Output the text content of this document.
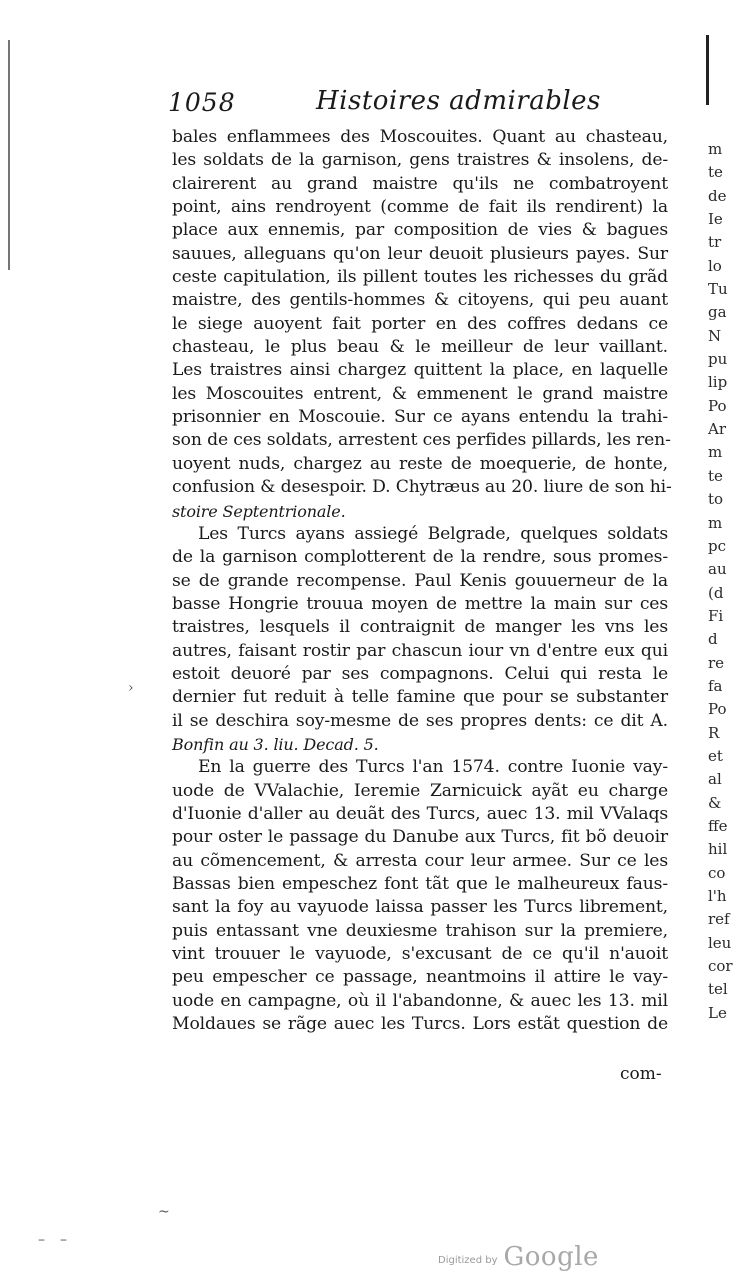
1058	Histoires admirables
bales enflammees des Moscouites. Quant au chasteau,
les soldats de la garnison, gens traistres & insolens, de-
clairerent au grand maistre qu'ils ne combatroyent
point, ains rendroyent (comme de fait ils rendirent) la
place aux ennemis, par composition de vies & bagues
sauues, alleguans qu'on leur deuoit plusieurs payes. Sur
ceste capitulation, ils pillent toutes les richesses du grãd
maistre, des gentils-hommes & citoyens, qui peu auant
le siege auoyent fait porter en des coffres dedans ce
chasteau, le plus beau & le meilleur de leur vaillant.
Les traistres ainsi chargez quittent la place, en laquelle
les Moscouites entrent, & emmenent le grand maistre
prisonnier en Moscouie. Sur ce ayans entendu la trahi-
son de ces soldats, arrestent ces perfides pillards, les ren-
uoyent nuds, chargez au reste de moequerie, de honte,
confusion & desespoir. D. Chytræus au 20. liure de son hi-
stoire Septentrionale.
Les Turcs ayans assiegé Belgrade, quelques soldats
de la garnison complotterent de la rendre, sous promes-
se de grande recompense. Paul Kenis gouuerneur de la
basse Hongrie trouua moyen de mettre la main sur ces
traistres, lesquels il contraignit de manger les vns les
autres, faisant rostir par chascun iour vn d'entre eux qui
estoit deuoré par ses compagnons. Celui qui resta le
dernier fut reduit à telle famine que pour se substanter
il se deschira soy-mesme de ses propres dents: ce dit A.
Bonfin au 3. liu. Decad. 5.
En la guerre des Turcs l'an 1574. contre Iuonie vay-
uode de VValachie, Ieremie Zarnicuick ayãt eu charge
d'Iuonie d'aller au deuãt des Turcs, auec 13. mil VValaqs
pour oster le passage du Danube aux Turcs, fit bõ deuoir
au cõmencement, & arresta cour leur armee. Sur ce les
Bassas bien empeschez font tãt que le malheureux faus-
sant la foy au vayuode laissa passer les Turcs librement,
puis entassant vne deuxiesme trahison sur la premiere,
vint trouuer le vayuode, s'excusant de ce qu'il n'auoit
peu empescher ce passage, neantmoins il attire le vay-
uode en campagne, où il l'abandonne, & auec les 13. mil
Moldaues se rãge auec les Turcs. Lors estãt question de
com-
m
te
de
Ie
tr
lo
Tu
ga
N
pu
lip
Po
Ar
m
te
to
m
pc
au
(d
Fi
d
re
fa
Po
R
et
al
&
ffe
hil
co
l'h
ref
leu
cor
tel
Le
›
~
– –
Digitized by Google
